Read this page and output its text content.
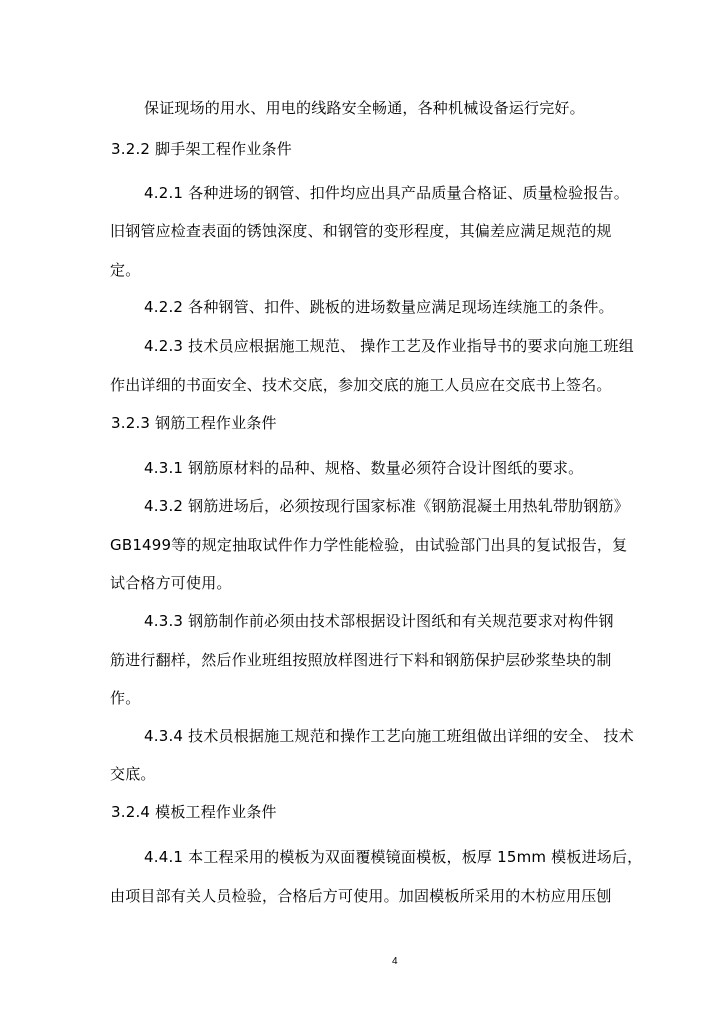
保证现场的用水、用电的线路安全畅通，各种机械设备运行完好。
3.2.2 脚手架工程作业条件
4.2.1 各种进场的钢管、扣件均应出具产品质量合格证、质量检验报告。
旧钢管应检查表面的锈蚀深度、和钢管的变形程度，其偏差应满足规范的规
定。
4.2.2 各种钢管、扣件、跳板的进场数量应满足现场连续施工的条件。
4.2.3 技术员应根据施工规范、 操作工艺及作业指导书的要求向施工班组
作出详细的书面安全、技术交底，参加交底的施工人员应在交底书上签名。
3.2.3 钢筋工程作业条件
4.3.1 钢筋原材料的品种、规格、数量必须符合设计图纸的要求。
4.3.2 钢筋进场后，必须按现行国家标准《钢筋混凝土用热轧带肋钢筋》
GB1499等的规定抽取试件作力学性能检验，由试验部门出具的复试报告，复
试合格方可使用。
4.3.3 钢筋制作前必须由技术部根据设计图纸和有关规范要求对构件钢
筋进行翻样，然后作业班组按照放样图进行下料和钢筋保护层砂浆垫块的制
作。
4.3.4 技术员根据施工规范和操作工艺向施工班组做出详细的安全、 技术
交底。
3.2.4 模板工程作业条件
4.4.1 本工程采用的模板为双面覆模镜面模板，板厚 15mm 模板进场后，
由项目部有关人员检验，合格后方可使用。加固模板所采用的木枋应用压刨
4
